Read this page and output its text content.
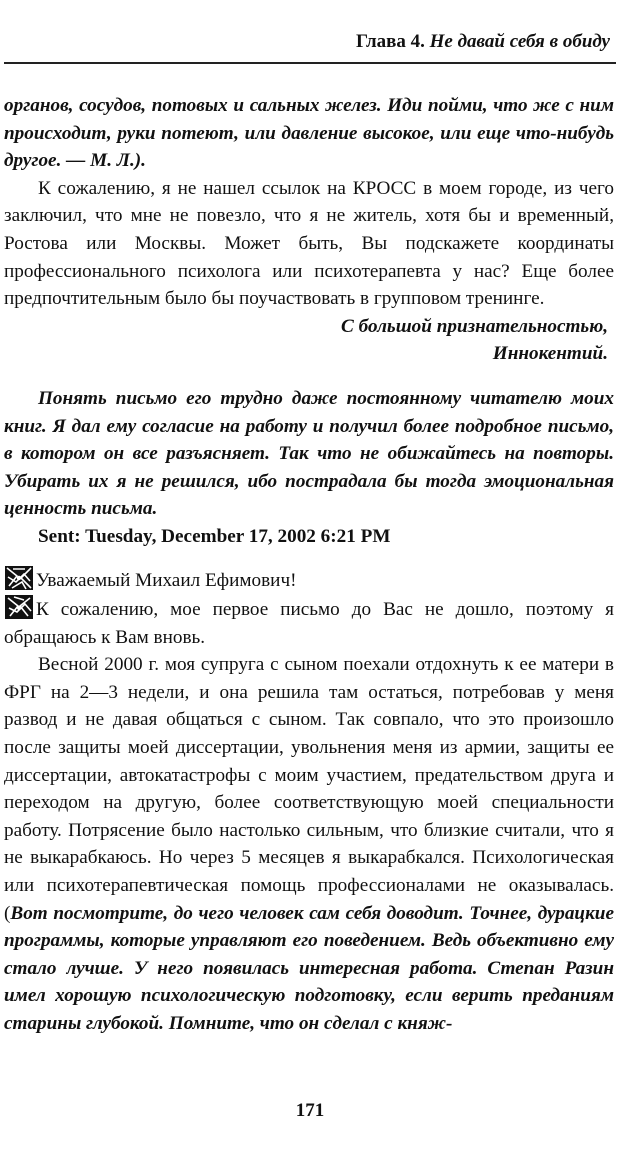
Глава 4. Не давай себя в обиду

органов, сосудов, потовых и сальных желез. Иди пойми, что же с ним происходит, руки потеют, или давление высокое, или еще что-нибудь другое. — М. Л.).

К сожалению, я не нашел ссылок на КРОСС в моем городе, из чего заключил, что мне не повезло, что я не житель, хотя бы и временный, Ростова или Москвы. Может быть, Вы подскажете координаты профессионального психолога или психотерапевта у нас? Еще более предпочтительным было бы поучаствовать в групповом тренинге.

С большой признательностью,

Иннокентий.

Понять письмо его трудно даже постоянному читателю моих книг. Я дал ему согласие на работу и получил более подробное письмо, в котором он все разъясняет. Так что не обижайтесь на повторы. Убирать их я не решился, ибо пострадала бы тогда эмоциональная ценность письма.

Sent: Tuesday, December 17, 2002 6:21 PM

Уважаемый Михаил Ефимович!

К сожалению, мое первое письмо до Вас не дошло, поэтому я обращаюсь к Вам вновь.

Весной 2000 г. моя супруга с сыном поехали отдохнуть к ее матери в ФРГ на 2—3 недели, и она решила там остаться, потребовав у меня развод и не давая общаться с сыном. Так совпало, что это произошло после защиты моей диссертации, увольнения меня из армии, защиты ее диссертации, автокатастрофы с моим участием, предательством друга и переходом на другую, более соответствующую моей специальности работу. Потрясение было настолько сильным, что близкие считали, что я не выкарабкаюсь. Но через 5 месяцев я выкарабкался. Психологическая или психотерапевтическая помощь профессионалами не оказывалась. (Вот посмотрите, до чего человек сам себя доводит. Точнее, дурацкие программы, которые управляют его поведением. Ведь объективно ему стало лучше. У него появилась интересная работа. Степан Разин имел хорошую психологическую подготовку, если верить преданиям старины глубокой. Помните, что он сделал с княж-

171
